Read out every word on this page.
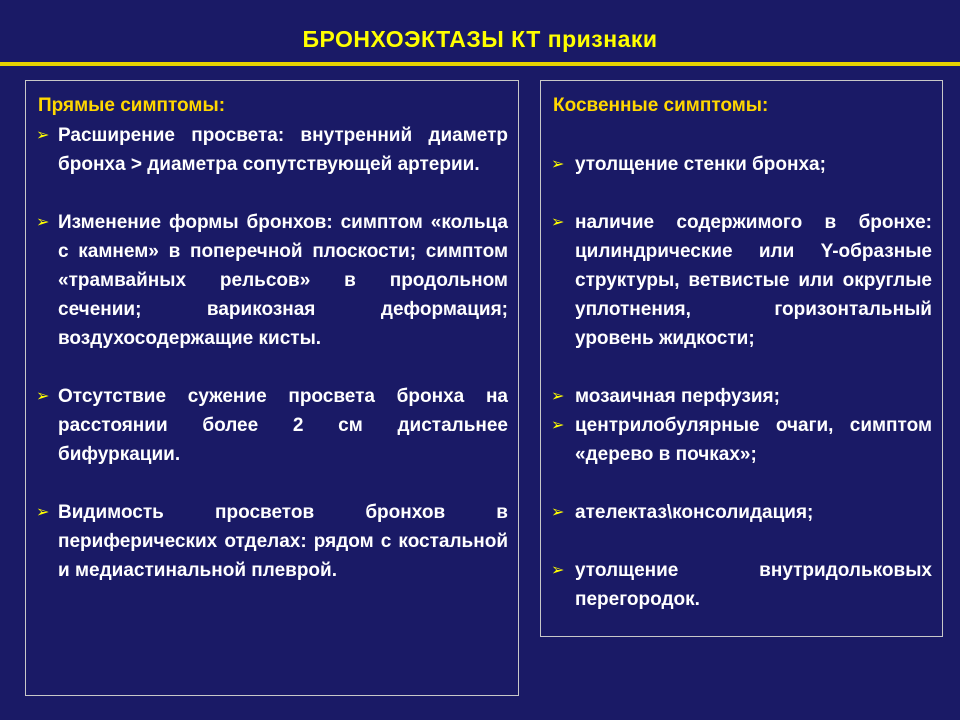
БРОНХОЭКТАЗЫ КТ признаки
Прямые симптомы:
➢ Расширение просвета: внутренний диаметр бронха > диаметра сопутствующей артерии.
➢ Изменение формы бронхов: симптом «кольца с камнем» в поперечной плоскости; симптом «трамвайных рельсов» в продольном сечении; варикозная деформация; воздухосодержащие кисты.
➢ Отсутствие сужение просвета бронха на расстоянии более 2 см дистальнее бифуркации.
➢ Видимость просветов бронхов в периферических отделах: рядом с костальной и медиастинальной плеврой.
Косвенные симптомы:
➢ утолщение стенки бронха;
➢ наличие содержимого в бронхе: цилиндрические или Y-образные структуры, ветвистые или округлые уплотнения, горизонтальный уровень жидкости;
➢ мозаичная перфузия;
➢ центрилобулярные очаги, симптом «дерево в почках»;
➢ ателектаз\консолидация;
➢ утолщение внутридольковых перегородок.
